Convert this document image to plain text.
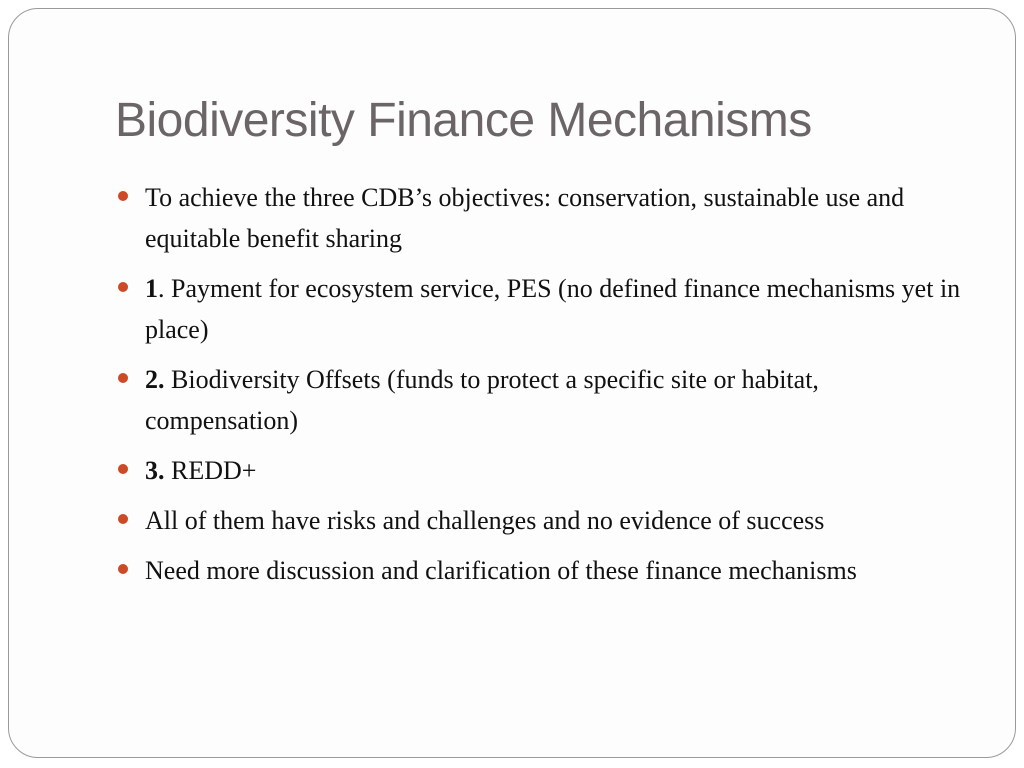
Biodiversity Finance Mechanisms
To achieve the three CDB’s objectives: conservation, sustainable use and equitable benefit sharing
1. Payment for ecosystem service, PES (no defined finance mechanisms yet in place)
2. Biodiversity Offsets (funds to protect a specific site or habitat, compensation)
3. REDD+
All of them have risks and challenges and no evidence of success
Need more discussion and clarification of these finance mechanisms
